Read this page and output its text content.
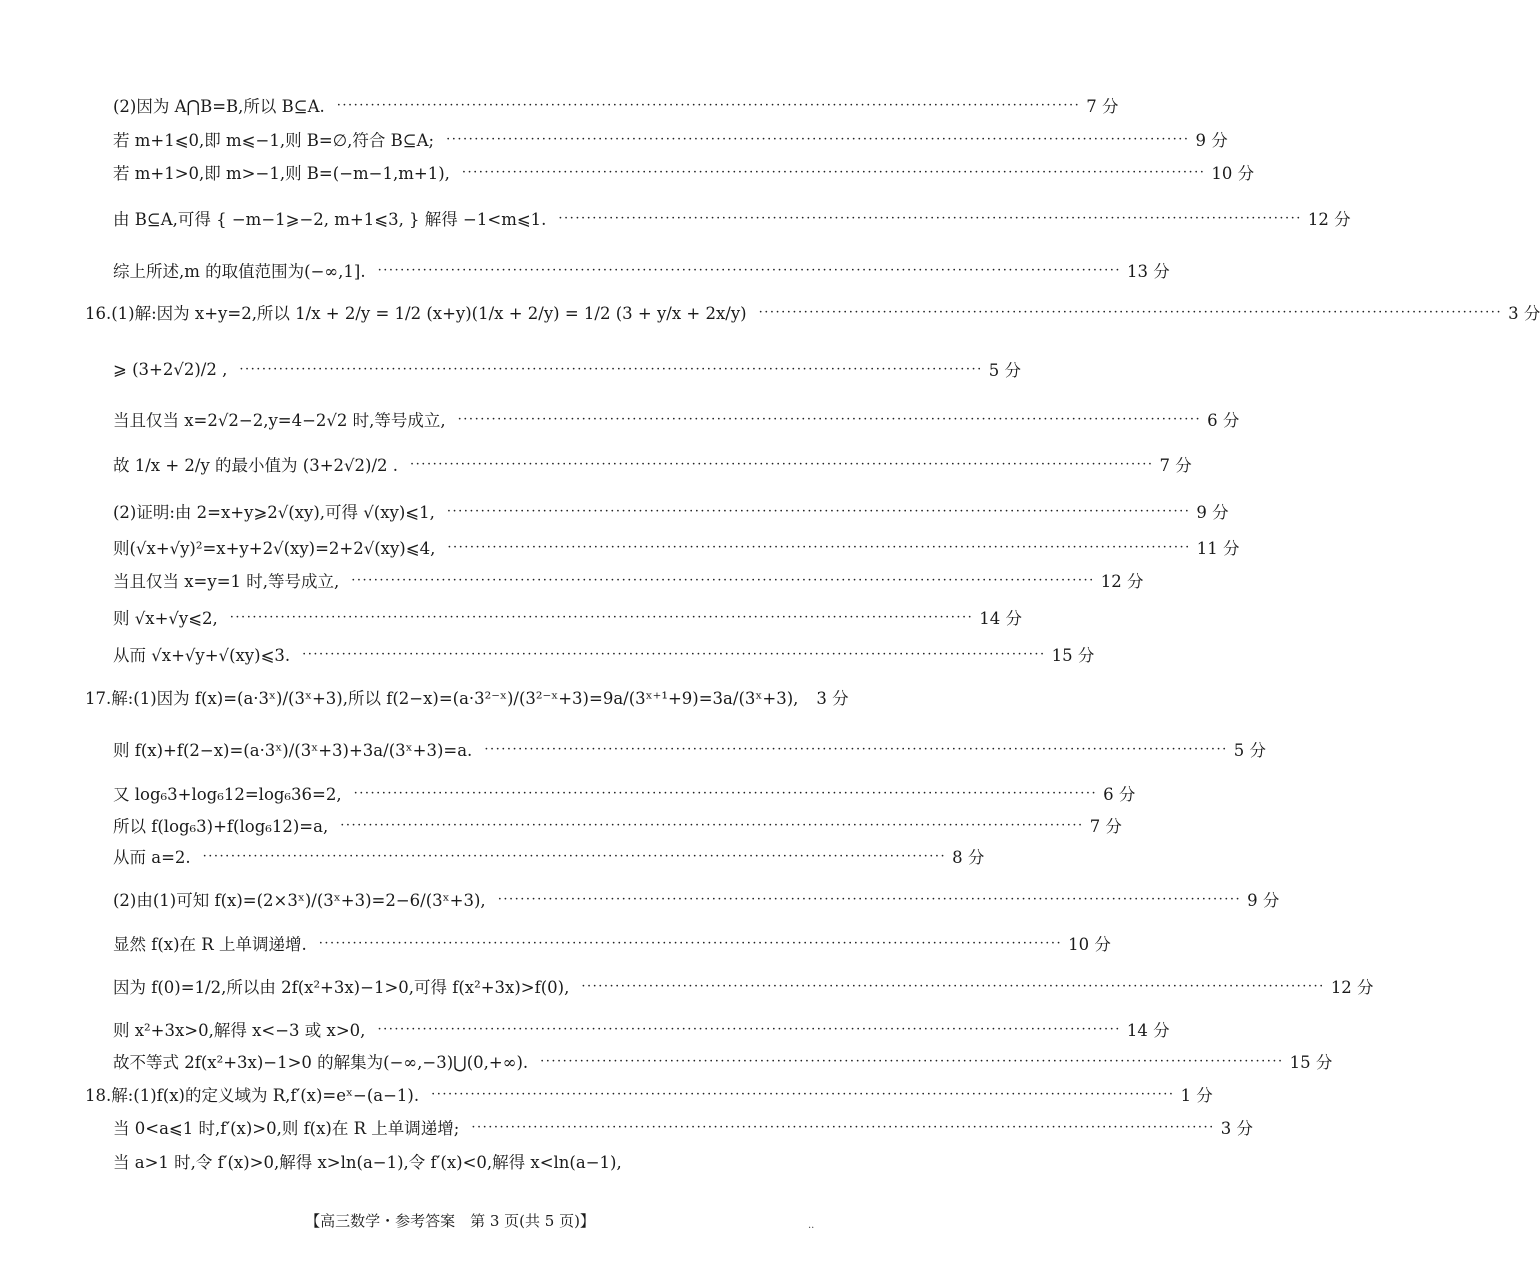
(2)因为 A⋂B=B,所以 B⊆A. ···································································································································· 7 分
若 m+1⩽0,即 m⩽−1,则 B=∅,符合 B⊆A; ···································································································································· 9 分
若 m+1>0,即 m>−1,则 B=(−m−1,m+1), ···································································································································· 10 分
由 B⊆A,可得 { −m−1⩾−2, m+1⩽3, } 解得 −1<m⩽1. ···································································································································· 12 分
综上所述,m 的取值范围为(−∞,1]. ···································································································································· 13 分
16.(1)解:因为 x+y=2,所以 1/x + 2/y = 1/2 (x+y)(1/x + 2/y) = 1/2 (3 + y/x + 2x/y) ···································································································································· 3 分
⩾ (3+2√2)/2 , ···································································································································· 5 分
当且仅当 x=2√2−2,y=4−2√2 时,等号成立, ···································································································································· 6 分
故 1/x + 2/y 的最小值为 (3+2√2)/2 . ···································································································································· 7 分
(2)证明:由 2=x+y⩾2√(xy),可得 √(xy)⩽1, ···································································································································· 9 分
则(√x+√y)²=x+y+2√(xy)=2+2√(xy)⩽4, ···································································································································· 11 分
当且仅当 x=y=1 时,等号成立, ···································································································································· 12 分
则 √x+√y⩽2, ···································································································································· 14 分
从而 √x+√y+√(xy)⩽3. ···································································································································· 15 分
17.解:(1)因为 f(x)=(a·3ˣ)/(3ˣ+3),所以 f(2−x)=(a·3²⁻ˣ)/(3²⁻ˣ+3)=9a/(3ˣ⁺¹+9)=3a/(3ˣ+3),	3 分
则 f(x)+f(2−x)=(a·3ˣ)/(3ˣ+3)+3a/(3ˣ+3)=a. ···································································································································· 5 分
又 log₆3+log₆12=log₆36=2, ···································································································································· 6 分
所以 f(log₆3)+f(log₆12)=a, ···································································································································· 7 分
从而 a=2. ···································································································································· 8 分
(2)由(1)可知 f(x)=(2×3ˣ)/(3ˣ+3)=2−6/(3ˣ+3), ···································································································································· 9 分
显然 f(x)在 R 上单调递增. ···································································································································· 10 分
因为 f(0)=1/2,所以由 2f(x²+3x)−1>0,可得 f(x²+3x)>f(0), ···································································································································· 12 分
则 x²+3x>0,解得 x<−3 或 x>0, ···································································································································· 14 分
故不等式 2f(x²+3x)−1>0 的解集为(−∞,−3)⋃(0,+∞). ···································································································································· 15 分
18.解:(1)f(x)的定义域为 R,f′(x)=eˣ−(a−1). ···································································································································· 1 分
当 0<a⩽1 时,f′(x)>0,则 f(x)在 R 上单调递增; ···································································································································· 3 分
当 a>1 时,令 f′(x)>0,解得 x>ln(a−1),令 f′(x)<0,解得 x<ln(a−1),
【高三数学・参考答案　第 3 页(共 5 页)】	..
